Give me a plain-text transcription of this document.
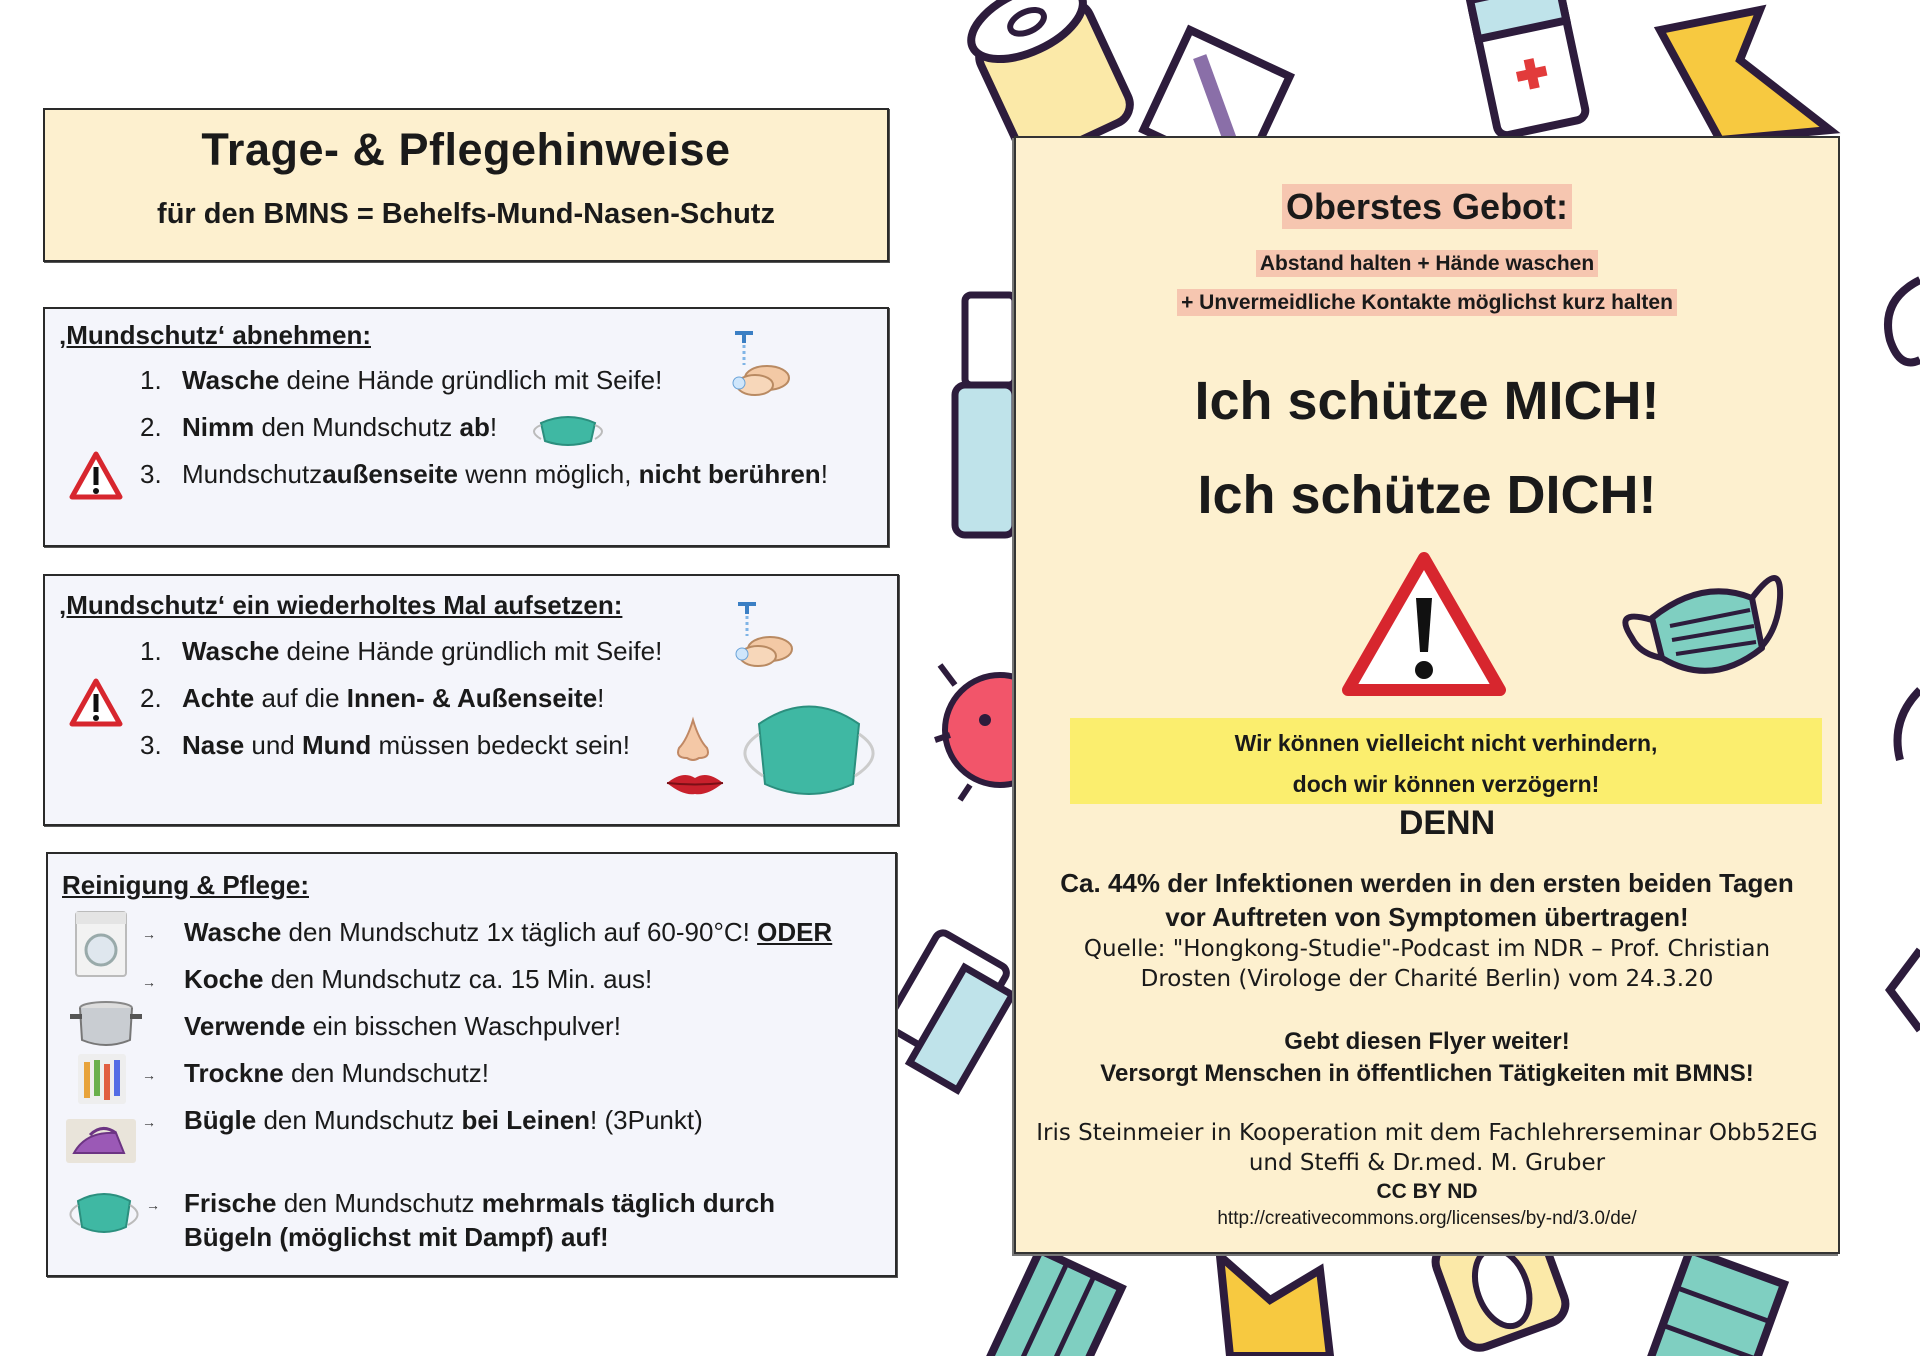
Trage- & Pflegehinweise
für den BMNS = Behelfs-Mund-Nasen-Schutz
‚Mundschutz‘ abnehmen:
1. Wasche deine Hände gründlich mit Seife!
2. Nimm den Mundschutz ab!
3. Mundschutzaußenseite wenn möglich, nicht berühren!
‚Mundschutz‘ ein wiederholtes Mal aufsetzen:
1. Wasche deine Hände gründlich mit Seife!
2. Achte auf die Innen- & Außenseite!
3. Nase und Mund müssen bedeckt sein!
Reinigung & Pflege:
Wasche den Mundschutz 1x täglich auf 60-90°C! ODER
Koche den Mundschutz ca. 15 Min. aus!
Verwende ein bisschen Waschpulver!
Trockne den Mundschutz!
Bügle den Mundschutz bei Leinen! (3Punkt)
Frische den Mundschutz mehrmals täglich durch
Bügeln (möglichst mit Dampf) auf!
→
→
→
→
→
Oberstes Gebot:
Abstand halten + Hände waschen
+ Unvermeidliche Kontakte möglichst kurz halten
Ich schütze MICH!
Ich schütze DICH!
Wir können vielleicht nicht verhindern,
doch wir können verzögern!
DENN
Ca. 44% der Infektionen werden in den ersten beiden Tagen
vor Auftreten von Symptomen übertragen!
Quelle: "Hongkong-Studie"-Podcast im NDR – Prof. Christian
Drosten (Virologe der Charité Berlin) vom 24.3.20
Gebt diesen Flyer weiter!
Versorgt Menschen in öffentlichen Tätigkeiten mit BMNS!
Iris Steinmeier in Kooperation mit dem Fachlehrerseminar Obb52EG
und Steffi & Dr.med. M. Gruber
CC BY ND
http://creativecommons.org/licenses/by-nd/3.0/de/
